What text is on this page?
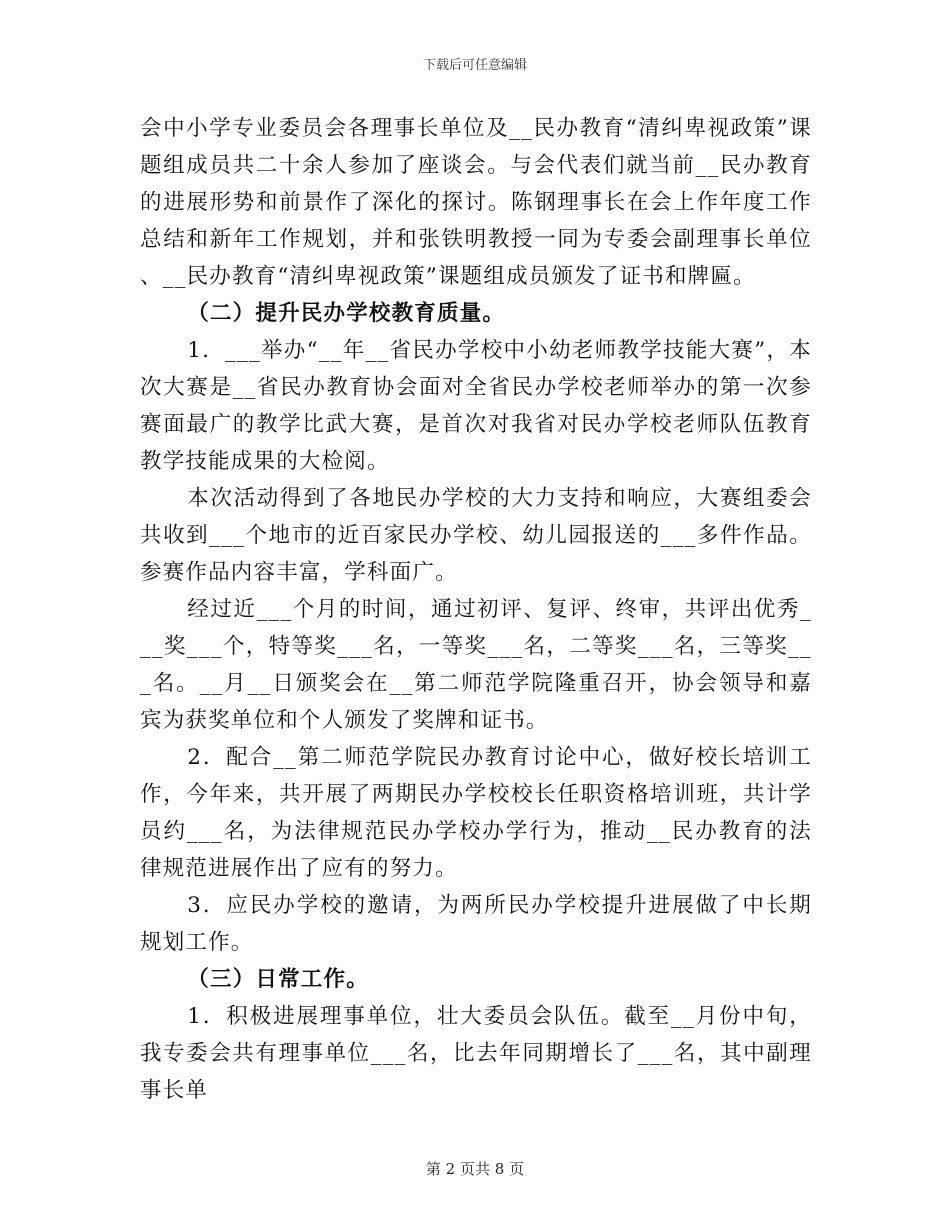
下载后可任意编辑

会中小学专业委员会各理事长单位及__民办教育“清纠卑视政策”课题组成员共二十余人参加了座谈会。与会代表们就当前__民办教育的进展形势和前景作了深化的探讨。陈钢理事长在会上作年度工作总结和新年工作规划，并和张铁明教授一同为专委会副理事长单位、__民办教育“清纠卑视政策”课题组成员颁发了证书和牌匾。

（二）提升民办学校教育质量。

1．___举办“__年__省民办学校中小幼老师教学技能大赛”，本次大赛是__省民办教育协会面对全省民办学校老师举办的第一次参赛面最广的教学比武大赛，是首次对我省对民办学校老师队伍教育教学技能成果的大检阅。

本次活动得到了各地民办学校的大力支持和响应，大赛组委会共收到___个地市的近百家民办学校、幼儿园报送的___多件作品。参赛作品内容丰富，学科面广。

经过近___个月的时间，通过初评、复评、终审，共评出优秀___奖___个，特等奖___名，一等奖___名，二等奖___名，三等奖___名。__月__日颁奖会在__第二师范学院隆重召开，协会领导和嘉宾为获奖单位和个人颁发了奖牌和证书。

2．配合__第二师范学院民办教育讨论中心，做好校长培训工作，今年来，共开展了两期民办学校校长任职资格培训班，共计学员约___名，为法律规范民办学校办学行为，推动__民办教育的法律规范进展作出了应有的努力。

3．应民办学校的邀请，为两所民办学校提升进展做了中长期规划工作。

（三）日常工作。

1．积极进展理事单位，壮大委员会队伍。截至__月份中旬，我专委会共有理事单位___名，比去年同期增长了___名，其中副理事长单

第 2 页共 8 页
